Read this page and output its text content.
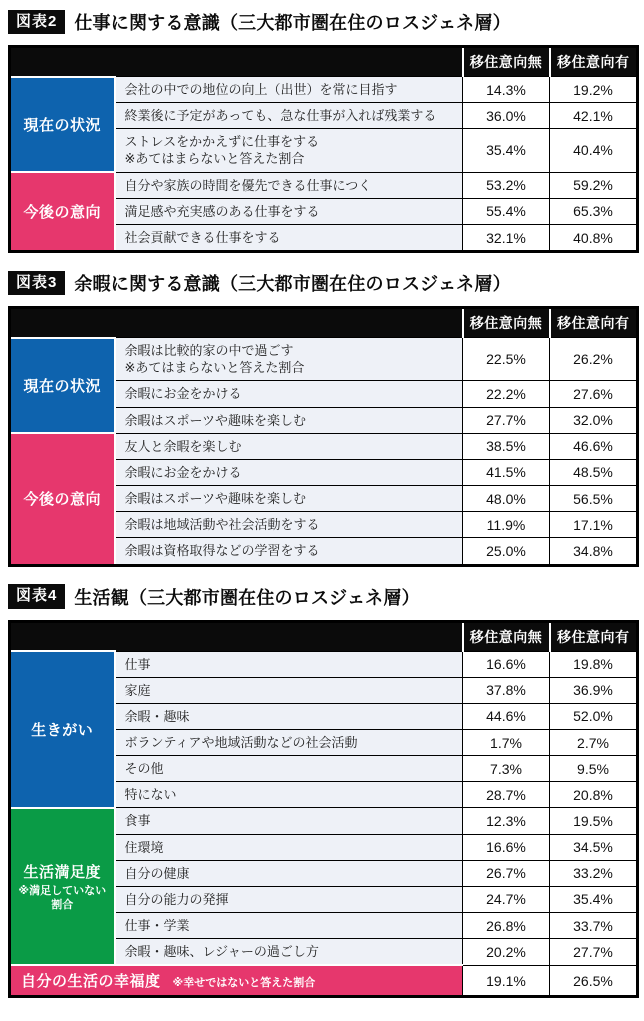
図表2 仕事に関する意識（三大都市圏在住のロスジェネ層）
		移住意向無	移住意向有

現在の状況	会社の中での地位の向上（出世）を常に目指す	14.3%	19.2%

	終業後に予定があっても、急な仕事が入れば残業する	36.0%	42.1%

	ストレスをかかえずに仕事をする
※あてはまらないと答えた割合	35.4%	40.4%

今後の意向	自分や家族の時間を優先できる仕事につく	53.2%	59.2%

	満足感や充実感のある仕事をする	55.4%	65.3%

	社会貢献できる仕事をする	32.1%	40.8%
図表3 余暇に関する意識（三大都市圏在住のロスジェネ層）
		移住意向無	移住意向有

現在の状況	余暇は比較的家の中で過ごす
※あてはまらないと答えた割合	22.5%	26.2%

	余暇にお金をかける	22.2%	27.6%

	余暇はスポーツや趣味を楽しむ	27.7%	32.0%

今後の意向	友人と余暇を楽しむ	38.5%	46.6%

	余暇にお金をかける	41.5%	48.5%

	余暇はスポーツや趣味を楽しむ	48.0%	56.5%

	余暇は地域活動や社会活動をする	11.9%	17.1%

	余暇は資格取得などの学習をする	25.0%	34.8%
図表4 生活観（三大都市圏在住のロスジェネ層）
		移住意向無	移住意向有

生きがい	仕事	16.6%	19.8%

	家庭	37.8%	36.9%

	余暇・趣味	44.6%	52.0%

	ボランティアや地域活動などの社会活動	1.7%	2.7%

	その他	7.3%	9.5%

	特にない	28.7%	20.8%

生活満足度
※満足していない割合	食事	12.3%	19.5%

	住環境	16.6%	34.5%

	自分の健康	26.7%	33.2%

	自分の能力の発揮	24.7%	35.4%

	仕事・学業	26.8%	33.7%

	余暇・趣味、レジャーの過ごし方	20.2%	27.7%
自分の生活の幸福度 ※幸せではないと答えた割合		19.1%	26.5%
